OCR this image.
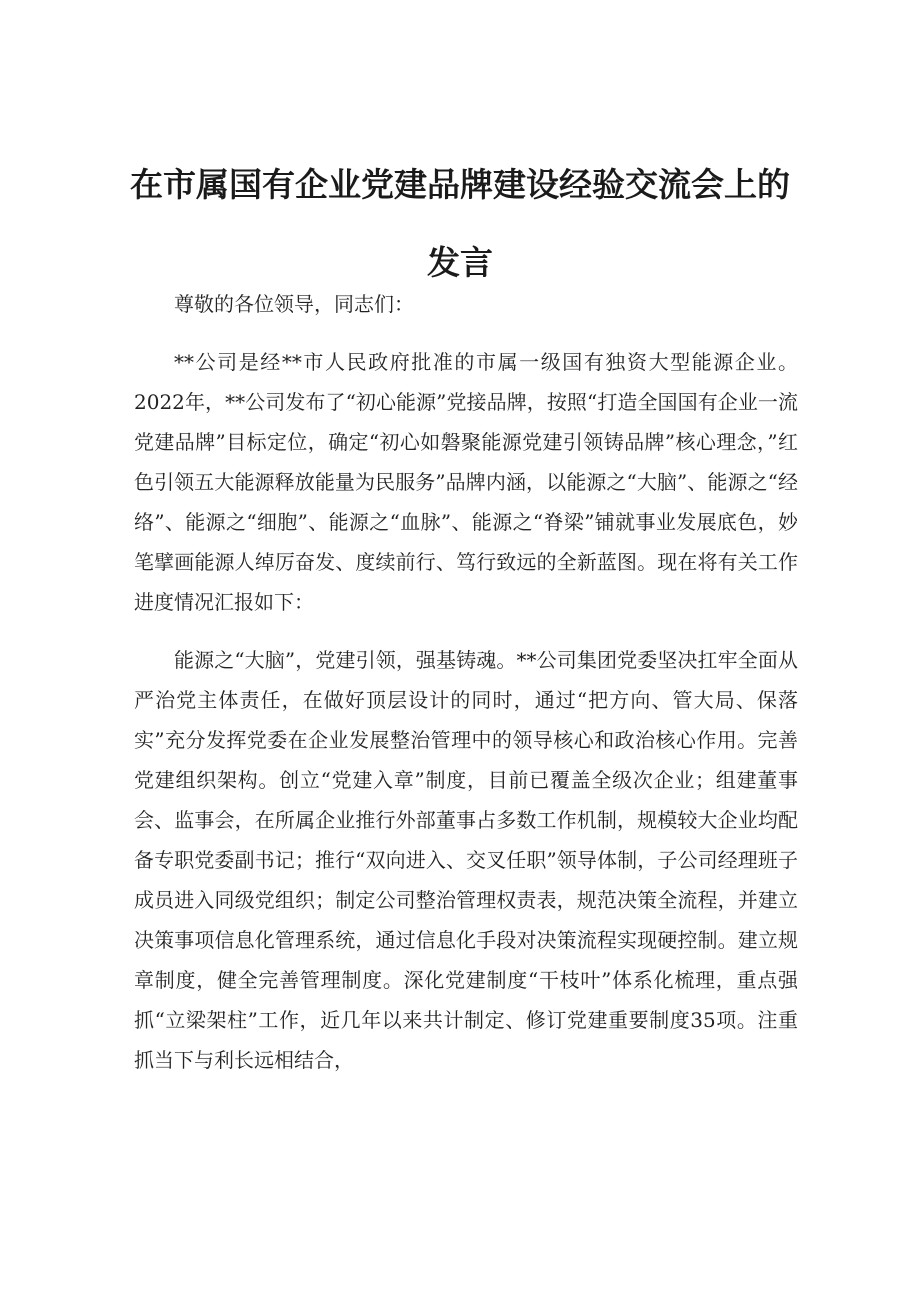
在市属国有企业党建品牌建设经验交流会上的
发言

尊敬的各位领导，同志们：

**公司是经**市人民政府批准的市属一级国有独资大型能源企业。2022年，**公司发布了“初心能源”党接品牌，按照“打造全国国有企业一流党建品牌”目标定位，确定“初心如磐聚能源党建引领铸品牌”核心理念，”红色引领五大能源释放能量为民服务”品牌内涵，以能源之“大脑”、能源之“经络”、能源之“细胞”、能源之“血脉”、能源之“脊梁”铺就事业发展底色，妙笔擘画能源人绰厉奋发、度续前行、笃行致远的全新蓝图。现在将有关工作进度情况汇报如下：

能源之“大脑”，党建引领，强基铸魂。**公司集团党委坚决扛牢全面从严治党主体责任，在做好顶层设计的同时，通过“把方向、管大局、保落实”充分发挥党委在企业发展整治管理中的领导核心和政治核心作用。完善党建组织架构。创立“党建入章”制度，目前已覆盖全级次企业；组建董事会、监事会，在所属企业推行外部董事占多数工作机制，规模较大企业均配备专职党委副书记；推行“双向进入、交叉任职”领导体制，子公司经理班子成员进入同级党组织；制定公司整治管理权责表，规范决策全流程，并建立决策事项信息化管理系统，通过信息化手段对决策流程实现硬控制。建立规章制度，健全完善管理制度。深化党建制度“干枝叶”体系化梳理，重点强抓“立梁架柱”工作，近几年以来共计制定、修订党建重要制度35项。注重抓当下与利长远相结合，
